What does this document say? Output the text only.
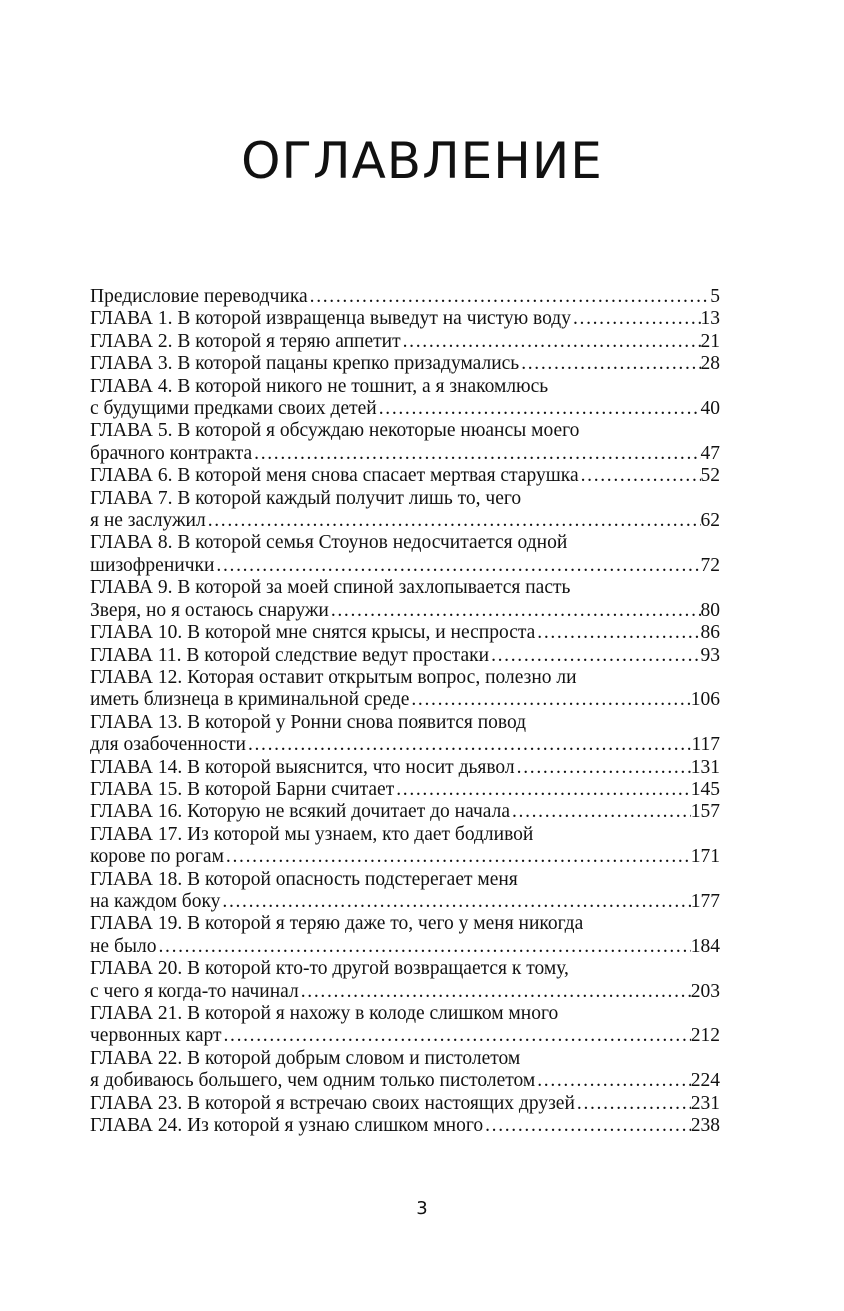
ОГЛАВЛЕНИЕ
Предисловие переводчика . . .	5
ГЛАВА 1. В которой извращенца выведут на чистую воду . . .	13
ГЛАВА 2. В которой я теряю аппетит . . .	21
ГЛАВА 3. В которой пацаны крепко призадумались . . .	28
ГЛАВА 4. В которой никого не тошнит, а я знакомлюсь
с будущими предками своих детей . . .	40
ГЛАВА 5. В которой я обсуждаю некоторые нюансы моего
брачного контракта . . .	47
ГЛАВА 6. В которой меня снова спасает мертвая старушка . . .	52
ГЛАВА 7. В которой каждый получит лишь то, чего
я не заслужил . . .	62
ГЛАВА 8. В которой семья Стоунов недосчитается одной
шизофренички . . .	72
ГЛАВА 9. В которой за моей спиной захлопывается пасть
Зверя, но я остаюсь снаружи . . .	80
ГЛАВА 10. В которой мне снятся крысы, и неспроста . . .	86
ГЛАВА 11. В которой следствие ведут простаки . . .	93
ГЛАВА 12. Которая оставит открытым вопрос, полезно ли
иметь близнеца в криминальной среде . . .	106
ГЛАВА 13. В которой у Ронни снова появится повод
для озабоченности . . .	117
ГЛАВА 14. В которой выяснится, что носит дьявол . . .	131
ГЛАВА 15. В которой Барни считает . . .	145
ГЛАВА 16. Которую не всякий дочитает до начала . . .	157
ГЛАВА 17. Из которой мы узнаем, кто дает бодливой
корове по рогам . . .	171
ГЛАВА 18. В которой опасность подстерегает меня
на каждом боку . . .	177
ГЛАВА 19. В которой я теряю даже то, чего у меня никогда
не было . . .	184
ГЛАВА 20. В которой кто-то другой возвращается к тому,
с чего я когда-то начинал . . .	203
ГЛАВА 21. В которой я нахожу в колоде слишком много
червонных карт . . .	212
ГЛАВА 22. В которой добрым словом и пистолетом
я добиваюсь большего, чем одним только пистолетом . . .	224
ГЛАВА 23. В которой я встречаю своих настоящих друзей . . .	231
ГЛАВА 24. Из которой я узнаю слишком много . . .	238
3
